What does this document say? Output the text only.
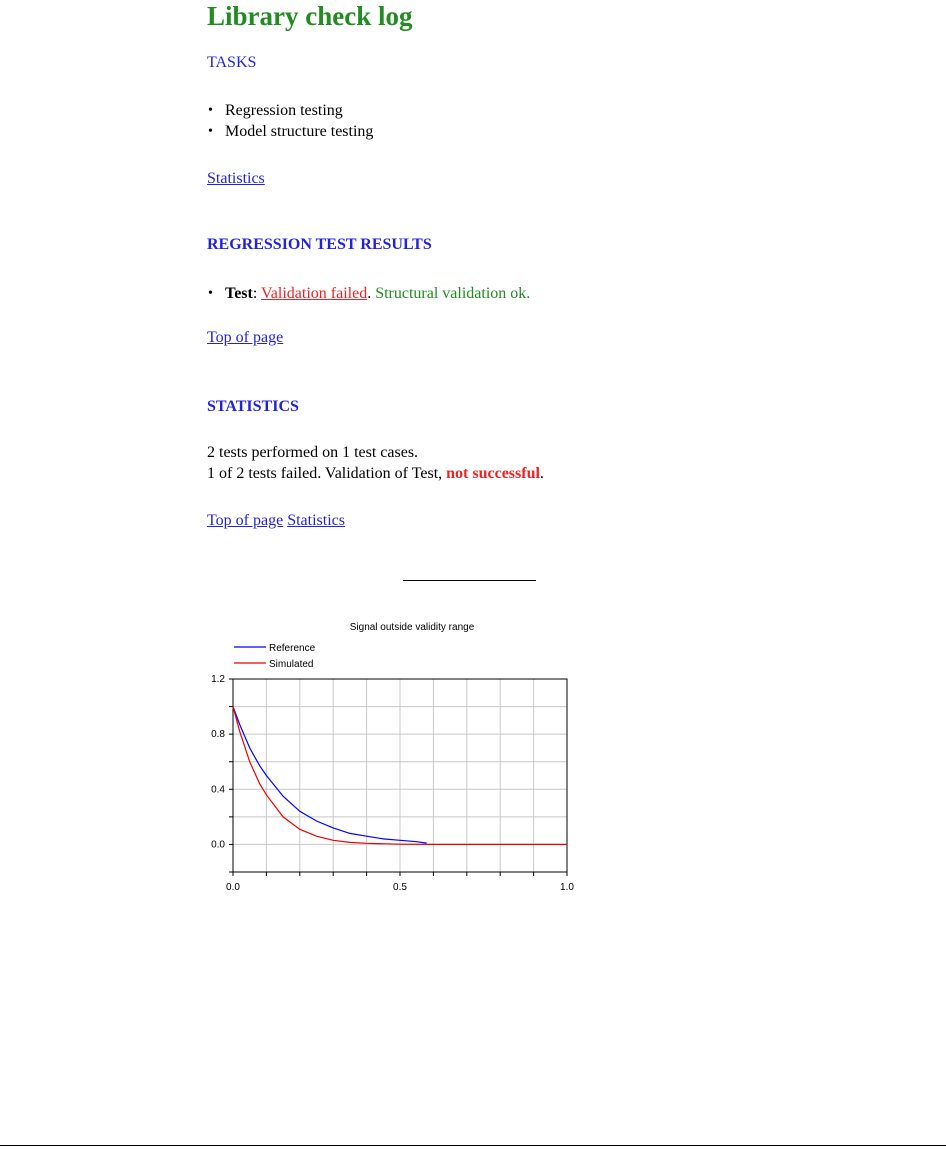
Library check log
TASKS
• Regression testing
• Model structure testing
Statistics
REGRESSION TEST RESULTS
• Test: Validation failed. Structural validation ok.
Top of page
STATISTICS
2 tests performed on 1 test cases.
1 of 2 tests failed. Validation of Test, not successful.
Top of page Statistics
0.0	0.5	1.0
0.0
0.4
0.8
1.2
Signal outside validity range
Reference
Simulated
